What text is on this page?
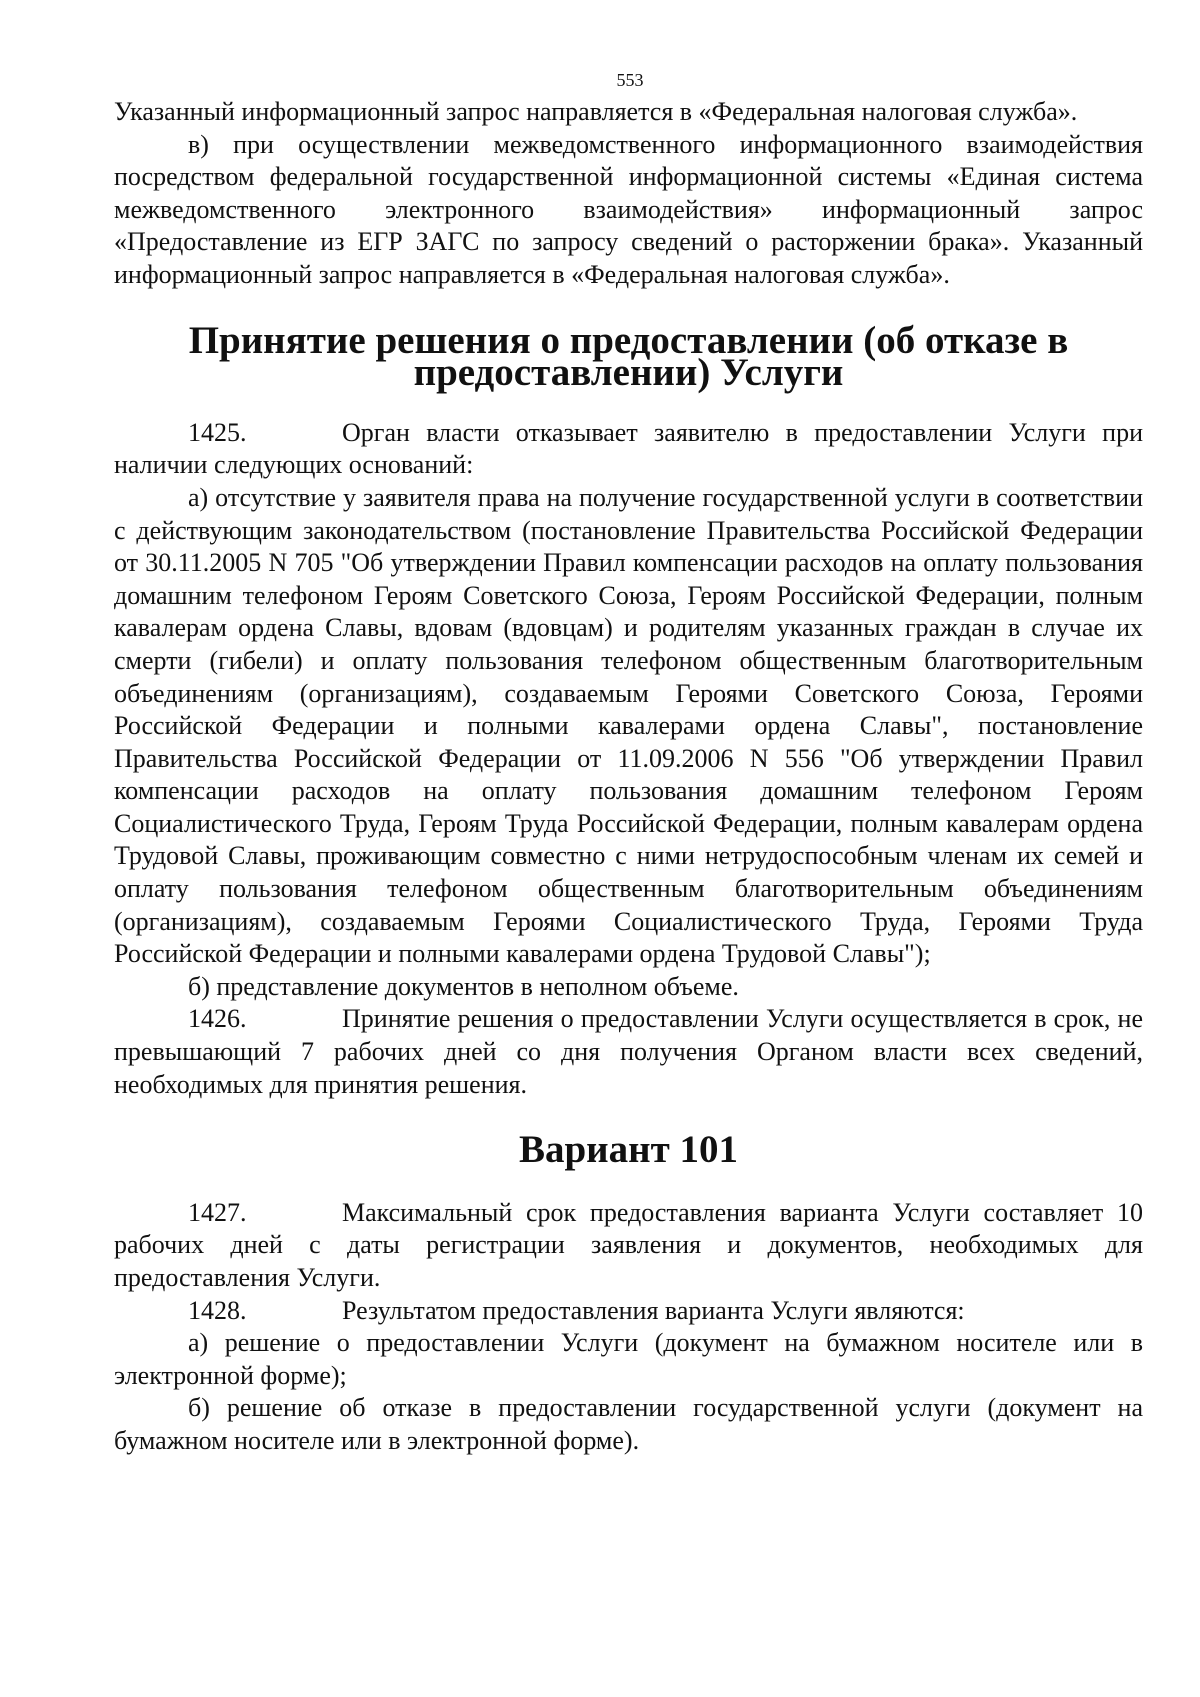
553

Указанный информационный запрос направляется в «Федеральная налоговая служба».

в) при осуществлении межведомственного информационного взаимодействия посредством федеральной государственной информационной системы «Единая система межведомственного электронного взаимодействия» информационный запрос «Предоставление из ЕГР ЗАГС по запросу сведений о расторжении брака». Указанный информационный запрос направляется в «Федеральная налоговая служба».

Принятие решения о предоставлении (об отказе в предоставлении) Услуги

1425.	Орган власти отказывает заявителю в предоставлении Услуги при наличии следующих оснований:

а) отсутствие у заявителя права на получение государственной услуги в соответствии с действующим законодательством (постановление Правительства Российской Федерации от 30.11.2005 N 705 "Об утверждении Правил компенсации расходов на оплату пользования домашним телефоном Героям Советского Союза, Героям Российской Федерации, полным кавалерам ордена Славы, вдовам (вдовцам) и родителям указанных граждан в случае их смерти (гибели) и оплату пользования телефоном общественным благотворительным объединениям (организациям), создаваемым Героями Советского Союза, Героями Российской Федерации и полными кавалерами ордена Славы", постановление Правительства Российской Федерации от 11.09.2006 N 556 "Об утверждении Правил компенсации расходов на оплату пользования домашним телефоном Героям Социалистического Труда, Героям Труда Российской Федерации, полным кавалерам ордена Трудовой Славы, проживающим совместно с ними нетрудоспособным членам их семей и оплату пользования телефоном общественным благотворительным объединениям (организациям), создаваемым Героями Социалистического Труда, Героями Труда Российской Федерации и полными кавалерами ордена Трудовой Славы");

б) представление документов в неполном объеме.

1426.	Принятие решения о предоставлении Услуги осуществляется в срок, не превышающий 7 рабочих дней со дня получения Органом власти всех сведений, необходимых для принятия решения.

Вариант 101

1427.	Максимальный срок предоставления варианта Услуги составляет 10 рабочих дней с даты регистрации заявления и документов, необходимых для предоставления Услуги.

1428.	Результатом предоставления варианта Услуги являются:

а) решение о предоставлении Услуги (документ на бумажном носителе или в электронной форме);

б) решение об отказе в предоставлении государственной услуги (документ на бумажном носителе или в электронной форме).
